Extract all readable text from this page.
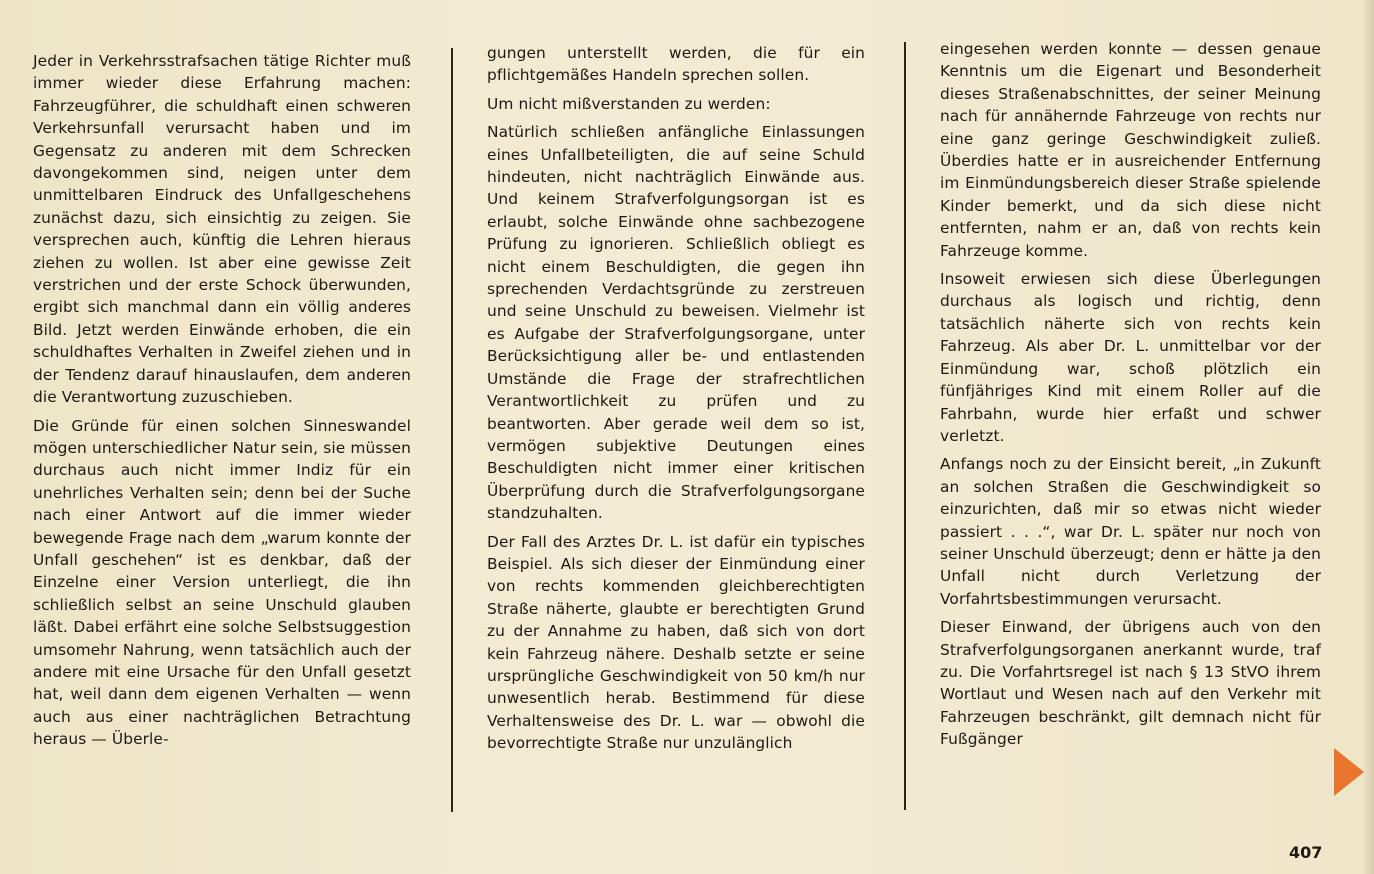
Jeder in Verkehrsstrafsachen tätige Richter muß immer wieder diese Erfahrung machen: Fahrzeugführer, die schuldhaft einen schweren Verkehrsunfall verursacht haben und im Gegensatz zu anderen mit dem Schrecken davongekommen sind, neigen unter dem unmittelbaren Eindruck des Unfallgeschehens zunächst dazu, sich einsichtig zu zeigen. Sie versprechen auch, künftig die Lehren hieraus ziehen zu wollen. Ist aber eine gewisse Zeit verstrichen und der erste Schock überwunden, ergibt sich manchmal dann ein völlig anderes Bild. Jetzt werden Einwände erhoben, die ein schuldhaftes Verhalten in Zweifel ziehen und in der Tendenz darauf hinauslaufen, dem anderen die Verantwortung zuzuschieben.

Die Gründe für einen solchen Sinneswandel mögen unterschiedlicher Natur sein, sie müssen durchaus auch nicht immer Indiz für ein unehrliches Verhalten sein; denn bei der Suche nach einer Antwort auf die immer wieder bewegende Frage nach dem „warum konnte der Unfall geschehen“ ist es denkbar, daß der Einzelne einer Version unterliegt, die ihn schließlich selbst an seine Unschuld glauben läßt. Dabei erfährt eine solche Selbstsuggestion umsomehr Nahrung, wenn tatsächlich auch der andere mit eine Ursache für den Unfall gesetzt hat, weil dann dem eigenen Verhalten — wenn auch aus einer nachträglichen Betrachtung heraus — Überle-

gungen unterstellt werden, die für ein pflichtgemäßes Handeln sprechen sollen.

Um nicht mißverstanden zu werden:

Natürlich schließen anfängliche Einlassungen eines Unfallbeteiligten, die auf seine Schuld hindeuten, nicht nachträglich Einwände aus. Und keinem Strafverfolgungsorgan ist es erlaubt, solche Einwände ohne sachbezogene Prüfung zu ignorieren. Schließlich obliegt es nicht einem Beschuldigten, die gegen ihn sprechenden Verdachtsgründe zu zerstreuen und seine Unschuld zu beweisen. Vielmehr ist es Aufgabe der Strafverfolgungsorgane, unter Berücksichtigung aller be- und entlastenden Umstände die Frage der strafrechtlichen Verantwortlichkeit zu prüfen und zu beantworten. Aber gerade weil dem so ist, vermögen subjektive Deutungen eines Beschuldigten nicht immer einer kritischen Überprüfung durch die Strafverfolgungsorgane standzuhalten.

Der Fall des Arztes Dr. L. ist dafür ein typisches Beispiel. Als sich dieser der Einmündung einer von rechts kommenden gleichberechtigten Straße näherte, glaubte er berechtigten Grund zu der Annahme zu haben, daß sich von dort kein Fahrzeug nähere. Deshalb setzte er seine ursprüngliche Geschwindigkeit von 50 km/h nur unwesentlich herab. Bestimmend für diese Verhaltensweise des Dr. L. war — obwohl die bevorrechtigte Straße nur unzulänglich

eingesehen werden konnte — dessen genaue Kenntnis um die Eigenart und Besonderheit dieses Straßenabschnittes, der seiner Meinung nach für annähernde Fahrzeuge von rechts nur eine ganz geringe Geschwindigkeit zuließ. Überdies hatte er in ausreichender Entfernung im Einmündungsbereich dieser Straße spielende Kinder bemerkt, und da sich diese nicht entfernten, nahm er an, daß von rechts kein Fahrzeuge komme.

Insoweit erwiesen sich diese Überlegungen durchaus als logisch und richtig, denn tatsächlich näherte sich von rechts kein Fahrzeug. Als aber Dr. L. unmittelbar vor der Einmündung war, schoß plötzlich ein fünfjähriges Kind mit einem Roller auf die Fahrbahn, wurde hier erfaßt und schwer verletzt.

Anfangs noch zu der Einsicht bereit, „in Zukunft an solchen Straßen die Geschwindigkeit so einzurichten, daß mir so etwas nicht wieder passiert . . .“, war Dr. L. später nur noch von seiner Unschuld überzeugt; denn er hätte ja den Unfall nicht durch Verletzung der Vorfahrtsbestimmungen verursacht.

Dieser Einwand, der übrigens auch von den Strafverfolgungsorganen anerkannt wurde, traf zu. Die Vorfahrtsregel ist nach § 13 StVO ihrem Wortlaut und Wesen nach auf den Verkehr mit Fahrzeugen beschränkt, gilt demnach nicht für Fußgänger

407
